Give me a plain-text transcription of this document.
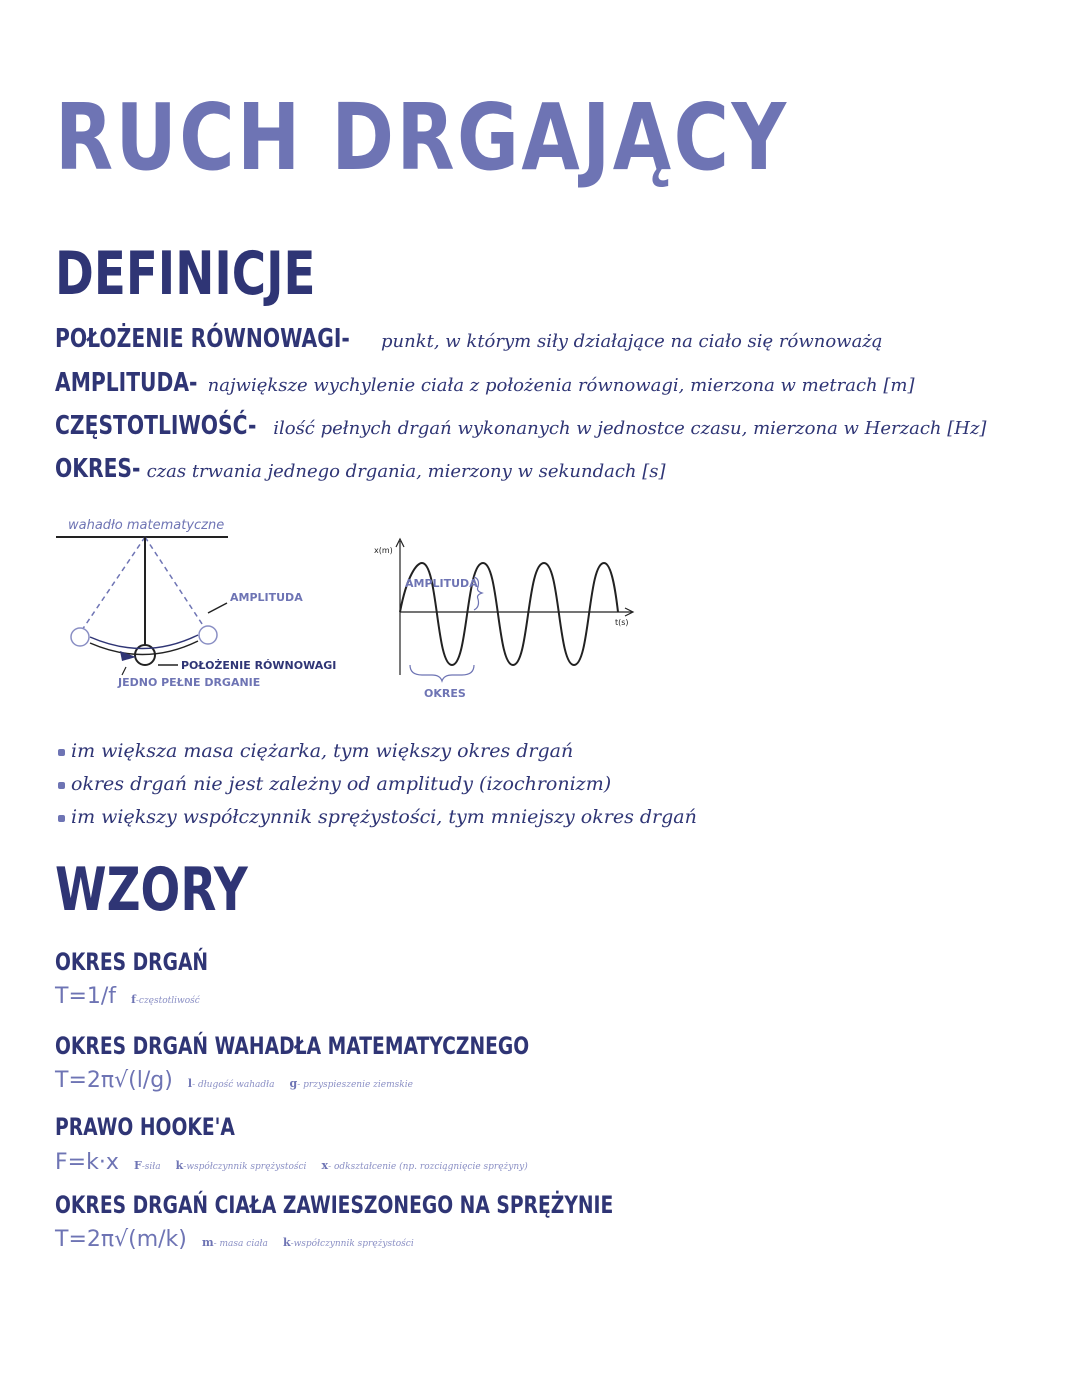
RUCH DRGAJĄCY
DEFINICJE
POŁOŻENIE RÓWNOWAGI- punkt, w którym siły działające na ciało się równoważą
AMPLITUDA- największe wychylenie ciała z położenia równowagi, mierzona w metrach [m]
CZĘSTOTLIWOŚĆ- ilość pełnych drgań wykonanych w jednostce czasu, mierzona w Herzach [Hz]
OKRES- czas trwania jednego drgania, mierzony w sekundach [s]
wahadło matematyczne
AMPLITUDA
POŁOŻENIE RÓWNOWAGI
JEDNO PEŁNE DRGANIE
x(m)
t(s)
AMPLITUDA
OKRES
im większa masa ciężarka, tym większy okres drgań
okres drgań nie jest zależny od amplitudy (izochronizm)
im większy współczynnik sprężystości, tym mniejszy okres drgań
WZORY
OKRES DRGAŃ
T=1/f f-częstotliwość
OKRES DRGAŃ WAHADŁA MATEMATYCZNEGO
T=2π√(l/g) l- długość wahadła g- przyspieszenie ziemskie
PRAWO HOOKE'A
F=k·x F-siła k-współczynnik sprężystości x- odkształcenie (np. rozciągnięcie sprężyny)
OKRES DRGAŃ CIAŁA ZAWIESZONEGO NA SPRĘŻYNIE
T=2π√(m/k) m- masa ciała k-współczynnik sprężystości
